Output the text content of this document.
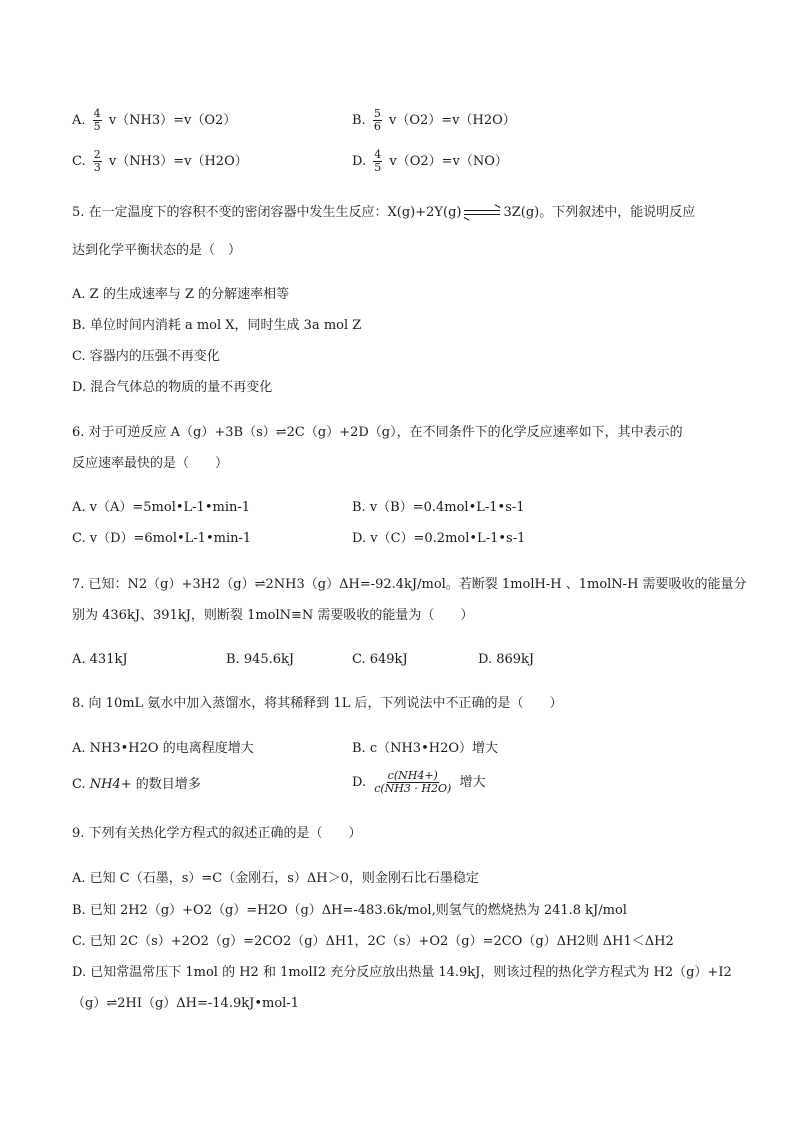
A. $\frac{4}{5} v(NH3)=v(O2)$	B. $\frac{5}{6} v(O2)=v(H2O)$
C. $\frac{2}{3} v(NH3)=v(H2O)$	D. $\frac{4}{5} v(O2)=v(NO)$
5. 在一定温度下的容积不变的密闭容器中发生生反应：X(g)+2Y(g)	3Z(g)。下列叙述中，能说明反应
达到化学平衡状态的是（　）
A. Z 的生成速率与 Z 的分解速率相等
B. 单位时间内消耗 a mol X，同时生成 3a mol Z
C. 容器内的压强不再变化
D. 混合气体总的物质的量不再变化
6. 对于可逆反应 A（g）+3B（s）⇌2C（g）+2D（g），在不同条件下的化学反应速率如下，其中表示的
反应速率最快的是（　　）
A. v（A）=5mol•L-1•min-1	B. v（B）=0.4mol•L-1•s-1
C. v（D）=6mol•L-1•min-1	D. v（C）=0.2mol•L-1•s-1
7. 已知：N2（g）+3H2（g）⇌2NH3（g）ΔH=-92.4kJ/mol。若断裂 1molH-H 、1molN-H 需要吸收的能量分
别为 436kJ、391kJ，则断裂 1molN≡N 需要吸收的能量为（　　）
A. 431kJ	B. 945.6kJ	C. 649kJ	D. 869kJ
8. 向 10mL 氨水中加入蒸馏水，将其稀释到 1L 后，下列说法中不正确的是（　　）
A. NH3•H2O 的电离程度增大	B. c（NH3•H2O）增大
C. NH4+ 的数目增多	D. $\frac{c(NH4+)}{c(NH3 \cdot H2O)}$ 增大
9. 下列有关热化学方程式的叙述正确的是（　　）
A. 已知 C（石墨，s）=C（金刚石，s）ΔH＞0，则金刚石比石墨稳定
B. 已知 2H2（g）+O2（g）=H2O（g）ΔH=-483.6k/mol,则氢气的燃烧热为 241.8 kJ/mol
C. 已知 2C（s）+2O2（g）=2CO2（g）ΔH1，2C（s）+O2（g）=2CO（g）ΔH2则 ΔH1＜ΔH2
D. 已知常温常压下 1mol 的 H2 和 1molI2 充分反应放出热量 14.9kJ，则该过程的热化学方程式为 H2（g）+I2
（g）⇌2HI（g）ΔH=-14.9kJ•mol-1
